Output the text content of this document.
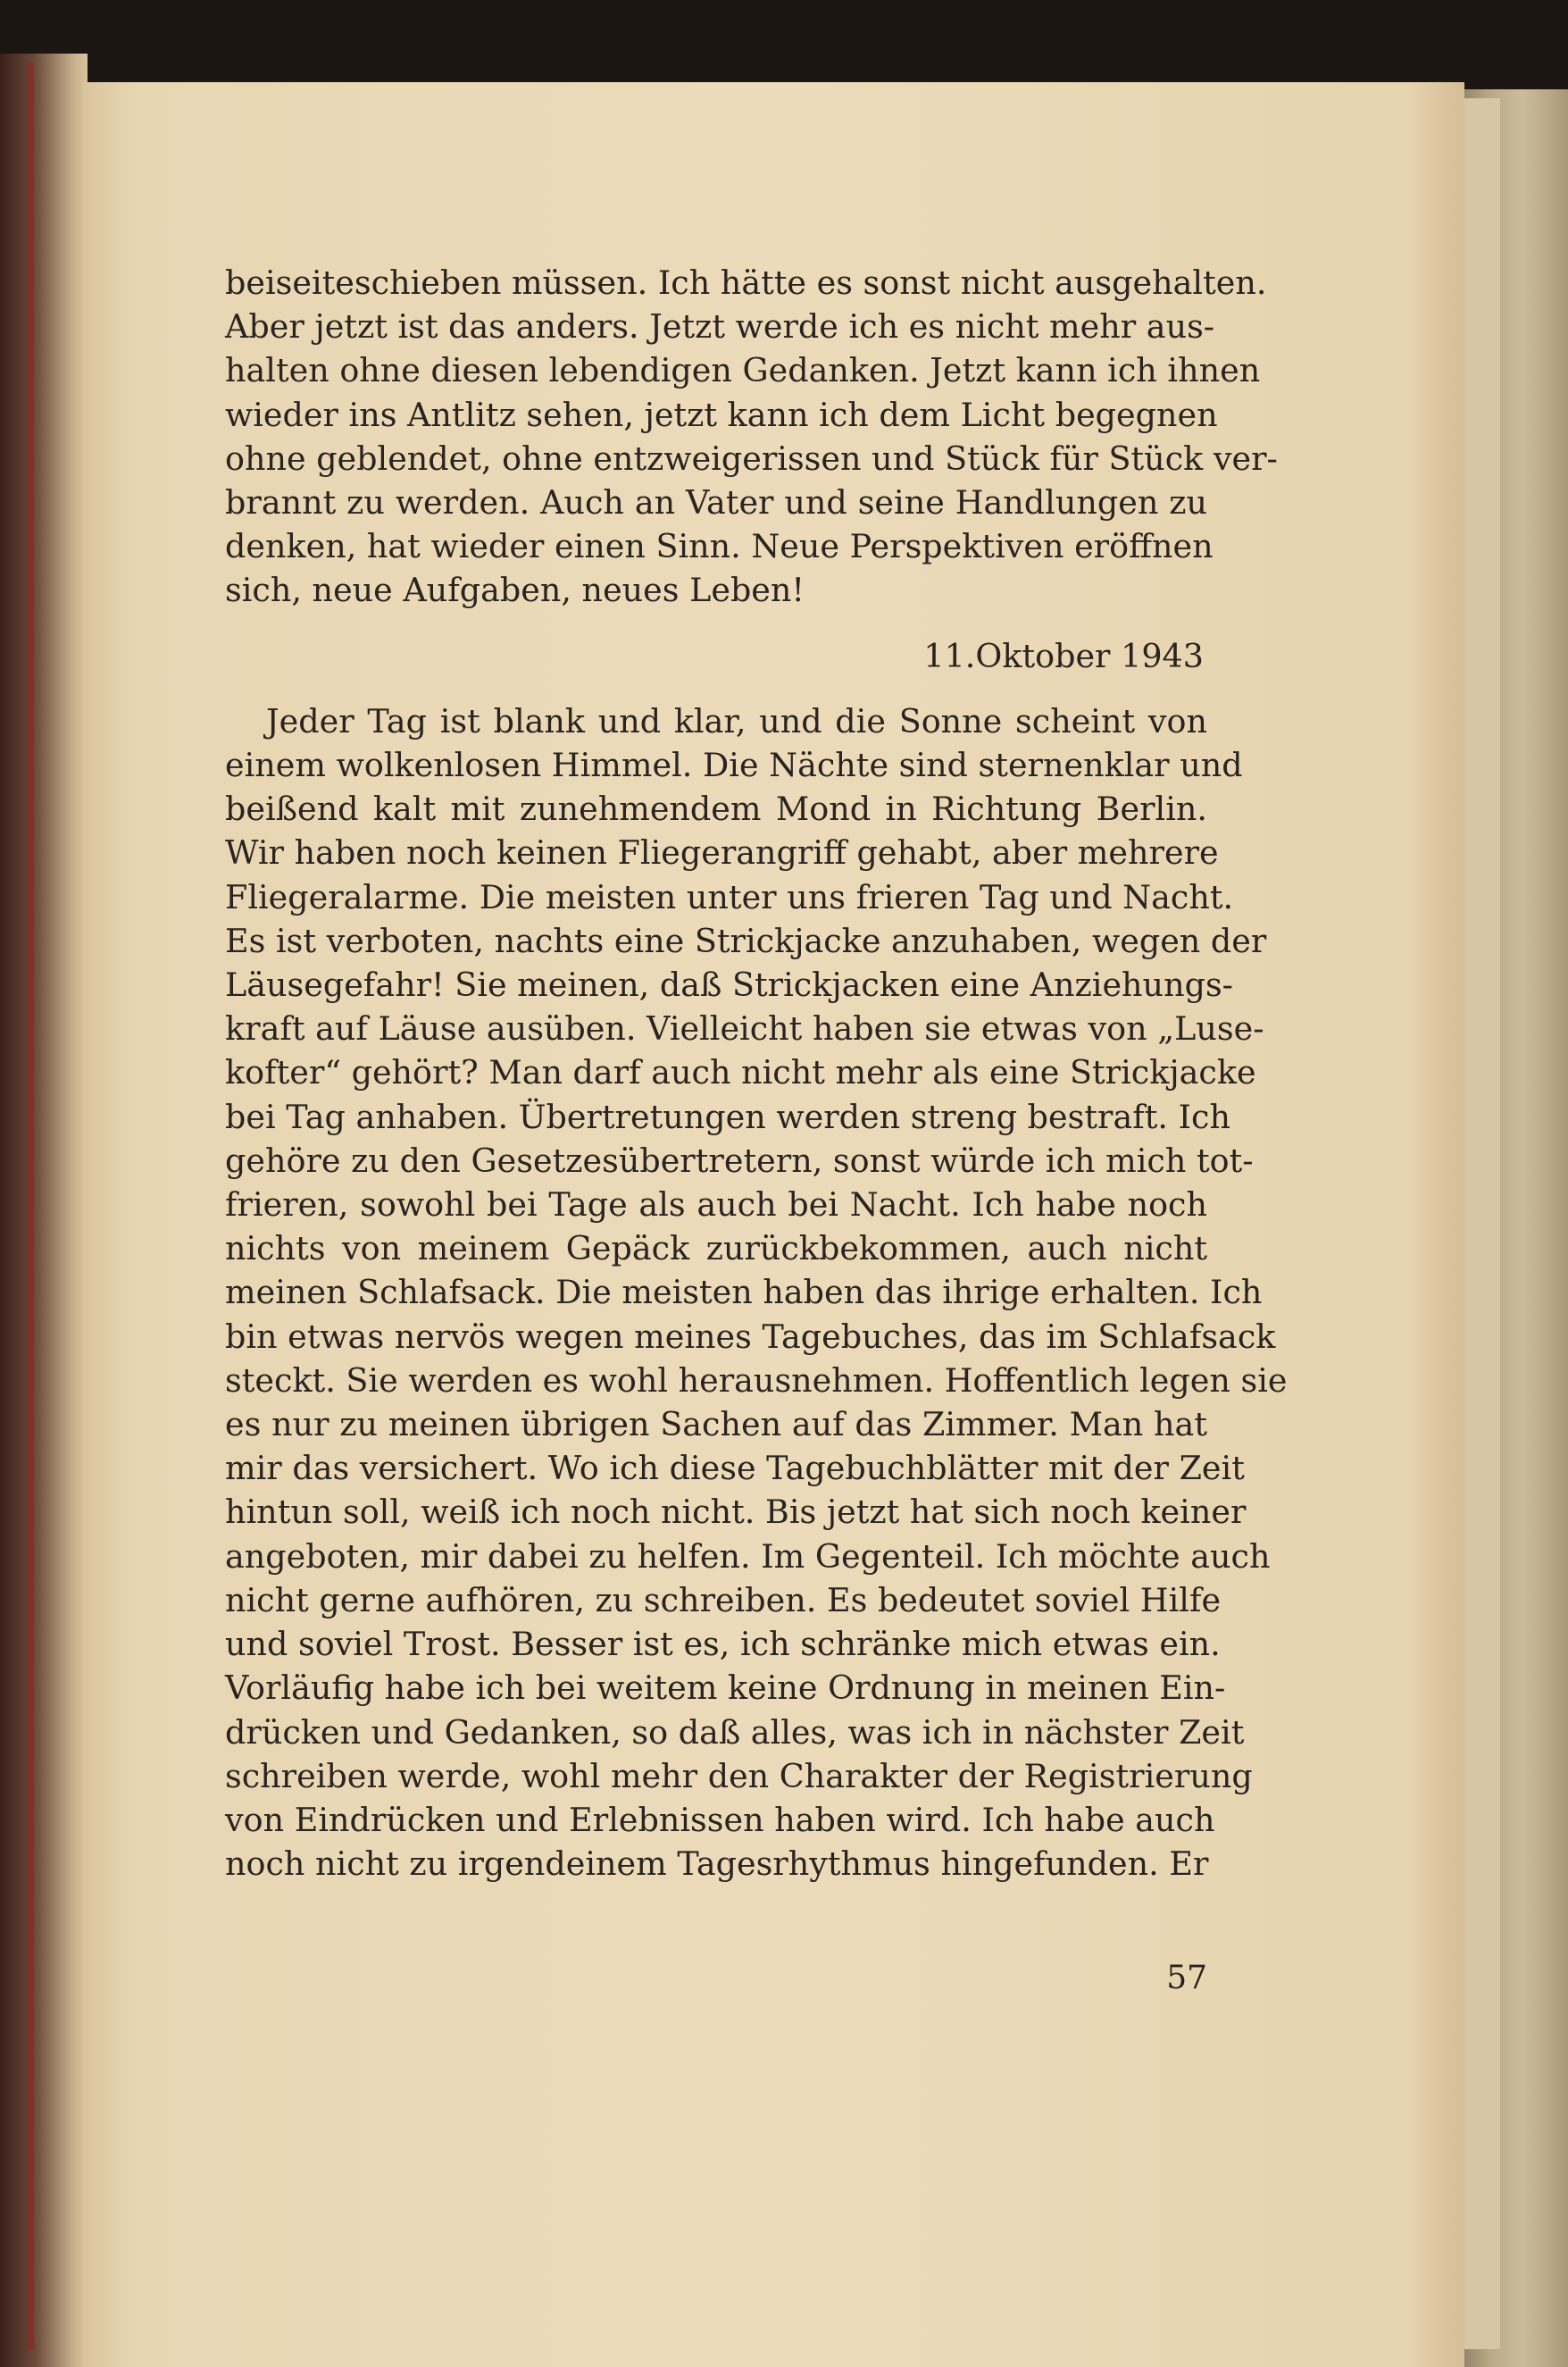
beiseiteschieben müssen. Ich hätte es sonst nicht ausgehalten.
Aber jetzt ist das anders. Jetzt werde ich es nicht mehr aus-
halten ohne diesen lebendigen Gedanken. Jetzt kann ich ihnen
wieder ins Antlitz sehen, jetzt kann ich dem Licht begegnen
ohne geblendet, ohne entzweigerissen und Stück für Stück ver-
brannt zu werden. Auch an Vater und seine Handlungen zu
denken, hat wieder einen Sinn. Neue Perspektiven eröffnen
sich, neue Aufgaben, neues Leben!
11.Oktober 1943
Jeder Tag ist blank und klar, und die Sonne scheint von
einem wolkenlosen Himmel. Die Nächte sind sternenklar und
beißend kalt mit zunehmendem Mond in Richtung Berlin.
Wir haben noch keinen Fliegerangriff gehabt, aber mehrere
Fliegeralarme. Die meisten unter uns frieren Tag und Nacht.
Es ist verboten, nachts eine Strickjacke anzuhaben, wegen der
Läusegefahr! Sie meinen, daß Strickjacken eine Anziehungs-
kraft auf Läuse ausüben. Vielleicht haben sie etwas von „Luse-
kofter“ gehört? Man darf auch nicht mehr als eine Strickjacke
bei Tag anhaben. Übertretungen werden streng bestraft. Ich
gehöre zu den Gesetzesübertretern, sonst würde ich mich tot-
frieren, sowohl bei Tage als auch bei Nacht. Ich habe noch
nichts von meinem Gepäck zurückbekommen, auch nicht
meinen Schlafsack. Die meisten haben das ihrige erhalten. Ich
bin etwas nervös wegen meines Tagebuches, das im Schlafsack
steckt. Sie werden es wohl herausnehmen. Hoffentlich legen sie
es nur zu meinen übrigen Sachen auf das Zimmer. Man hat
mir das versichert. Wo ich diese Tagebuchblätter mit der Zeit
hintun soll, weiß ich noch nicht. Bis jetzt hat sich noch keiner
angeboten, mir dabei zu helfen. Im Gegenteil. Ich möchte auch
nicht gerne aufhören, zu schreiben. Es bedeutet soviel Hilfe
und soviel Trost. Besser ist es, ich schränke mich etwas ein.
Vorläufig habe ich bei weitem keine Ordnung in meinen Ein-
drücken und Gedanken, so daß alles, was ich in nächster Zeit
schreiben werde, wohl mehr den Charakter der Registrierung
von Eindrücken und Erlebnissen haben wird. Ich habe auch
noch nicht zu irgendeinem Tagesrhythmus hingefunden. Er
57
